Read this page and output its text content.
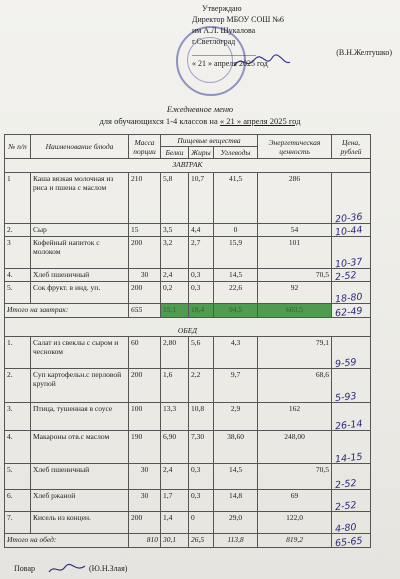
Утверждаю
Директор МБОУ СОШ №6
им А.Л. Шукалова
г.Светлоград
________________	(В.Н.Желтушко)
« 21 » апреля 2025 год
Ежедневное меню
для обучающихся 1-4 классов на « 21 » апреля 2025 год
№ п/п	Наименование блюда	Масса порции	Пищевые вещества			Энергетическая ценность	Цена, рублей
			Белки	Жиры	Углеводы		
ЗАВТРАК							
1	Каша вязкая молочная из риса и пшена с маслом	210	5,8	10,7	41,5	286	20-36

2.	Сыр	15	3,5	4,4	0	54	10-44

3	Кофейный напиток с молоком	200	3,2	2,7	15,9	101	10-37

4.	Хлеб пшеничный	30	2,4	0,3	14,5	70,5	2-52

5.	Сок фрукт. в инд. уп.	200	0,2	0,3	22,6	92	18-80

Итого на завтрак:		655	15,1	18,4	94,5	603,5	62-49

ОБЕД							
1.	Салат из свеклы с сыром и чесноком	60	2,80	5,6	4,3	79,1	9-59

2.	Суп картофельн.с перловой крупой	200	1,6	2,2	9,7	68,6	5-93

3.	Птица, тушенная в соусе	100	13,3	10,8	2,9	162	26-14

4.	Макароны отв.с маслом	190	6,90	7,30	38,60	248,00	14-15

5.	Хлеб пшеничный	30	2,4	0,3	14,5	70,5	2-52

6.	Хлеб ржаной	30	1,7	0,3	14,8	69	2-52

7.	Кисель из концен.	200	1,4	0	29,0	122,0	4-80

Итого на обед:		810	30,1	26,5	113,8	819,2	65-65
Повар	(Ю.Н.Злая)
